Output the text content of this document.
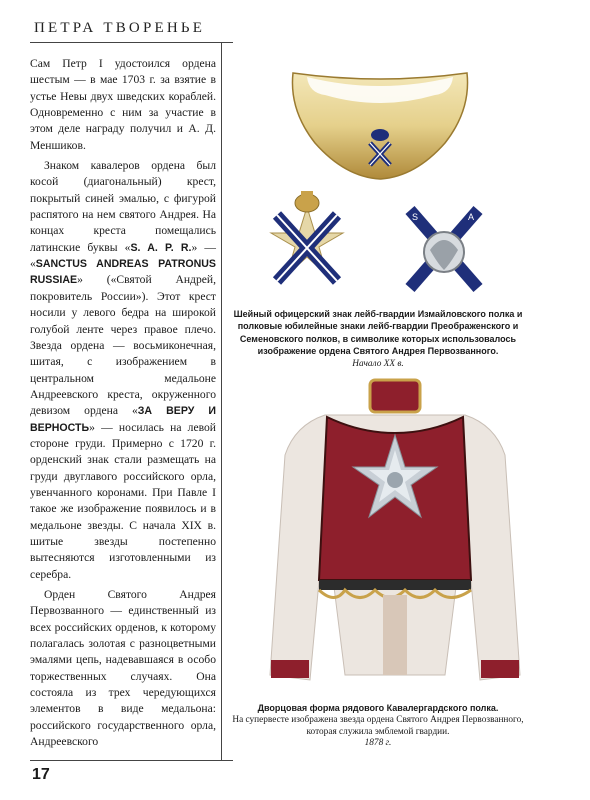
ПЕТРА ТВОРЕНЬЕ

Сам Петр I удостоился ордена шестым — в мае 1703 г. за взятие в устье Невы двух шведских кораблей. Одновременно с ним за участие в этом деле награду получил и А. Д. Меншиков.

Знаком кавалеров ордена был косой (диагональный) крест, покрытый синей эмалью, с фигурой распятого на нем святого Андрея. На концах креста помещались латинские буквы «S. A. P. R.» — «SANCTUS ANDREAS PATRONUS RUSSIAE» («Святой Андрей, покровитель России»). Этот крест носили у левого бедра на широкой голубой ленте через правое плечо. Звезда ордена — восьмиконечная, шитая, с изображением в центральном медальоне Андреевского креста, окруженного девизом ордена «ЗА ВЕРУ И ВЕРНОСТЬ» — носилась на левой стороне груди. Примерно с 1720 г. орденский знак стали размещать на груди двуглавого российского орла, увенчанного коронами. При Павле I такое же изображение появилось и в медальоне звезды. С начала XIX в. шитые звезды постепенно вытесняются изготовленными из серебра.

Орден Святого Андрея Первозванного — единственный из всех российских орденов, к которому полагалась золотая с разноцветными эмалями цепь, надевавшаяся в особо торжественных случаях. Она состояла из трех чередующихся элементов в виде медальона: российского государственного орла, Андреевского

S	A
Шейный офицерский знак лейб-гвардии Измайловского полка и полковые юбилейные знаки лейб-гвардии Преображенского и Семеновского полков, в символике которых использовалось изображение ордена Святого Андрея Первозванного.
Начало XX в.
Дворцовая форма рядового Кавалергардского полка.
На супервесте изображена звезда ордена Святого Андрея Первозванного, которая служила эмблемой гвардии.
1878 г.
17
